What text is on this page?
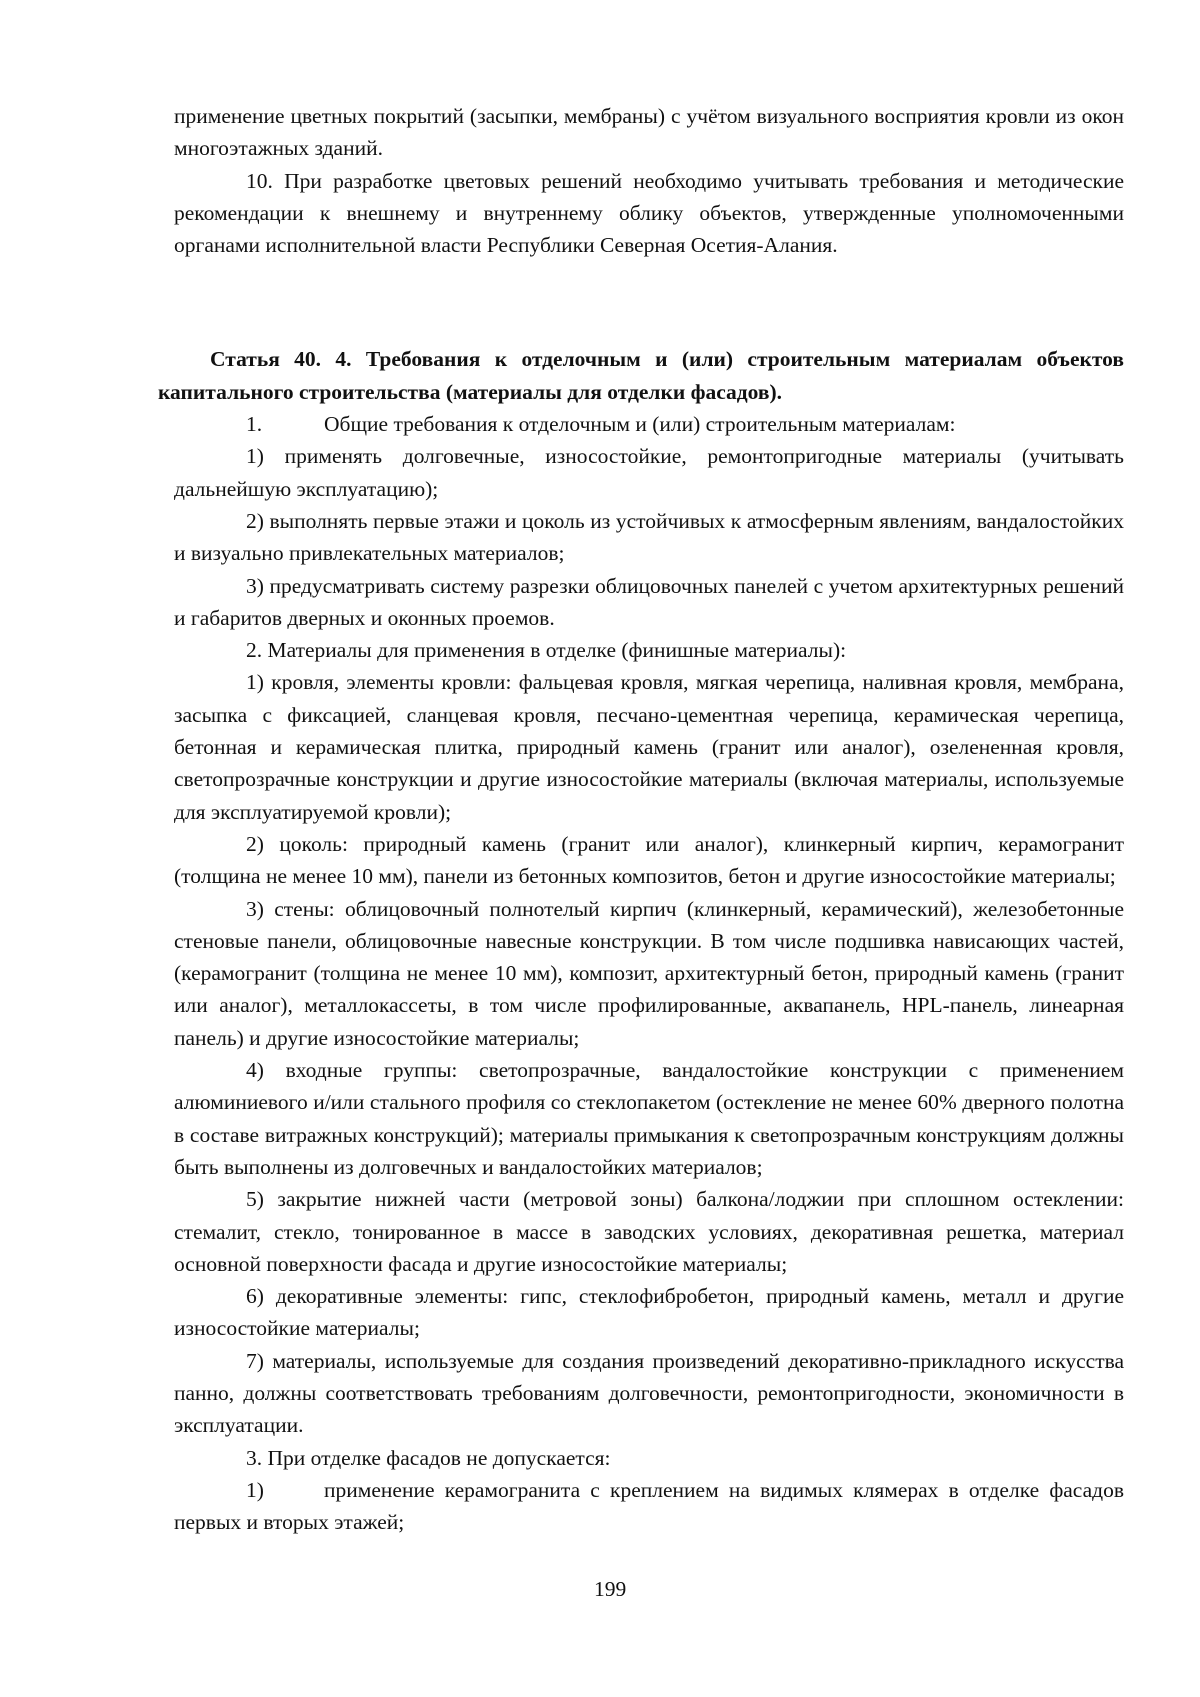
применение цветных покрытий (засыпки, мембраны) с учётом визуального восприятия кровли из окон многоэтажных зданий.

10. При разработке цветовых решений необходимо учитывать требования и методические рекомендации к внешнему и внутреннему облику объектов, утвержденные уполномоченными органами исполнительной власти Республики Северная Осетия-Алания.

Статья 40. 4. Требования к отделочным и (или) строительным материалам объектов капитального строительства (материалы для отделки фасадов).

1.	Общие требования к отделочным и (или) строительным материалам:

1) применять долговечные, износостойкие, ремонтопригодные материалы (учитывать дальнейшую эксплуатацию);

2) выполнять первые этажи и цоколь из устойчивых к атмосферным явлениям, вандалостойких и визуально привлекательных материалов;

3) предусматривать систему разрезки облицовочных панелей с учетом архитектурных решений и габаритов дверных и оконных проемов.

2. Материалы для применения в отделке (финишные материалы):

1) кровля, элементы кровли: фальцевая кровля, мягкая черепица, наливная кровля, мембрана, засыпка с фиксацией, сланцевая кровля, песчано-цементная черепица, керамическая черепица, бетонная и керамическая плитка, природный камень (гранит или аналог), озелененная кровля, светопрозрачные конструкции и другие износостойкие материалы (включая материалы, используемые для эксплуатируемой кровли);

2) цоколь: природный камень (гранит или аналог), клинкерный кирпич, керамогранит (толщина не менее 10 мм), панели из бетонных композитов, бетон и другие износостойкие материалы;

3) стены: облицовочный полнотелый кирпич (клинкерный, керамический), железобетонные стеновые панели, облицовочные навесные конструкции. В том числе подшивка нависающих частей, (керамогранит (толщина не менее 10 мм), композит, архитектурный бетон, природный камень (гранит или аналог), металлокассеты, в том числе профилированные, аквапанель, HPL-панель, линеарная панель) и другие износостойкие материалы;

4) входные группы: светопрозрачные, вандалостойкие конструкции с применением алюминиевого и/или стального профиля со стеклопакетом (остекление не менее 60% дверного полотна в составе витражных конструкций); материалы примыкания к светопрозрачным конструкциям должны быть выполнены из долговечных и вандалостойких материалов;

5) закрытие нижней части (метровой зоны) балкона/лоджии при сплошном остеклении: стемалит, стекло, тонированное в массе в заводских условиях, декоративная решетка, материал основной поверхности фасада и другие износостойкие материалы;

6) декоративные элементы: гипс, стеклофибробетон, природный камень, металл и другие износостойкие материалы;

7) материалы, используемые для создания произведений декоративно-прикладного искусства панно, должны соответствовать требованиям долговечности, ремонтопригодности, экономичности в эксплуатации.

3. При отделке фасадов не допускается:

1)	применение керамогранита с креплением на видимых клямерах в отделке фасадов первых и вторых этажей;

199
